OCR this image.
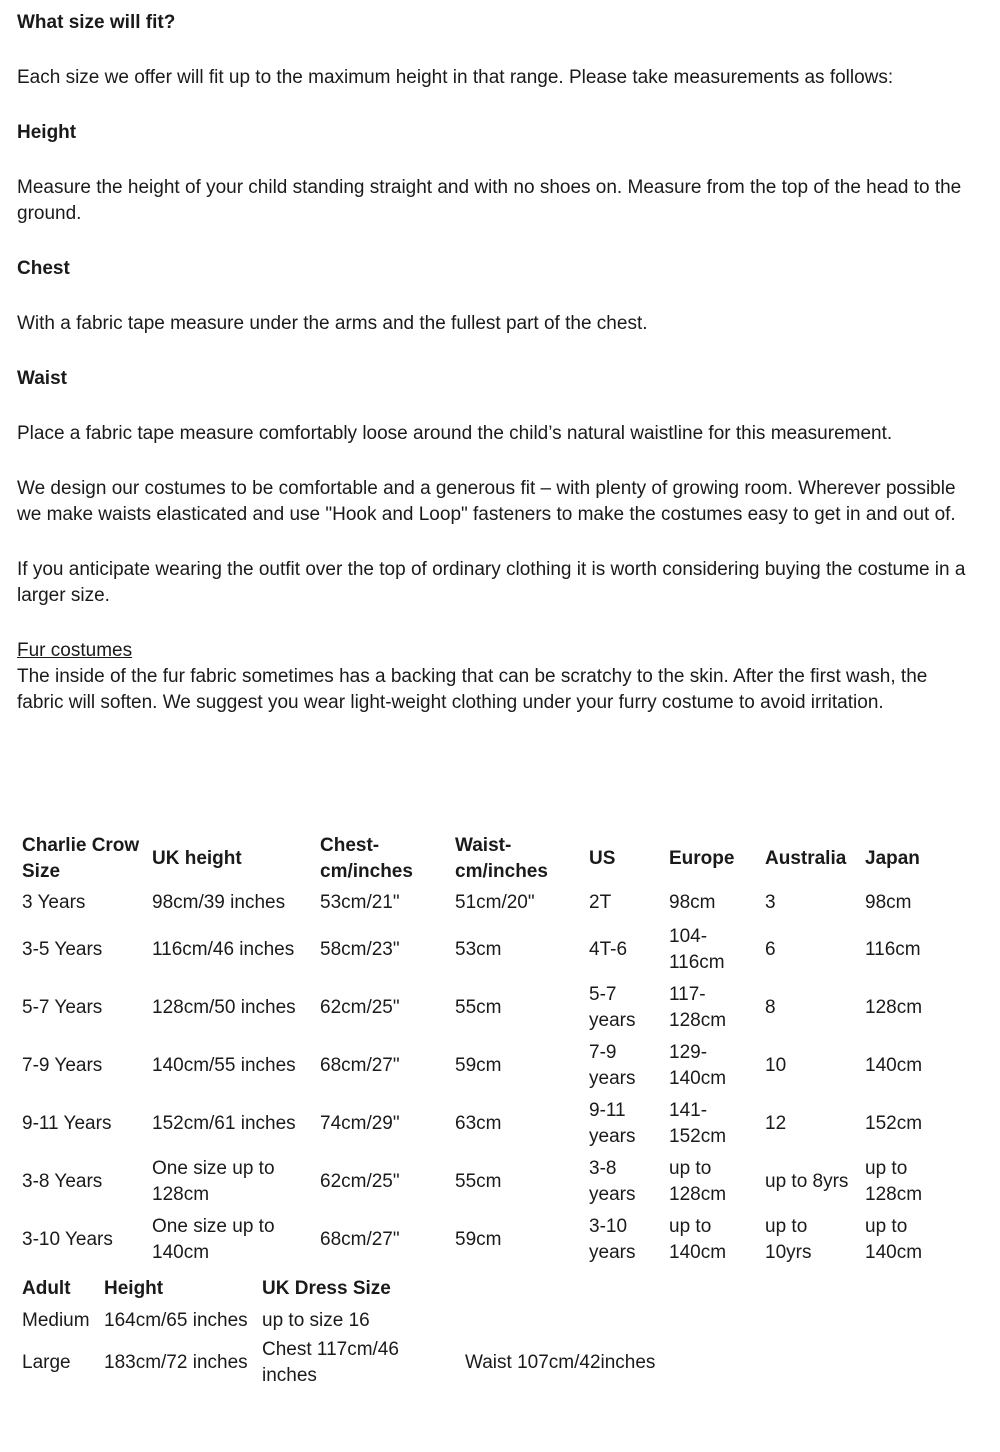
What size will fit?

Each size we offer will fit up to the maximum height in that range. Please take measurements as follows:

Height

Measure the height of your child standing straight and with no shoes on. Measure from the top of the head to the ground.

Chest

With a fabric tape measure under the arms and the fullest part of the chest.

Waist

Place a fabric tape measure comfortably loose around the child’s natural waistline for this measurement.

We design our costumes to be comfortable and a generous fit – with plenty of growing room. Wherever possible we make waists elasticated and use "Hook and Loop" fasteners to make the costumes easy to get in and out of.

If you anticipate wearing the outfit over the top of ordinary clothing it is worth considering buying the costume in a larger size.

Fur costumes

The inside of the fur fabric sometimes has a backing that can be scratchy to the skin. After the first wash, the fabric will soften. We suggest you wear light-weight clothing under your furry costume to avoid irritation.

Charlie Crow Size	UK height	Chest-cm/inches	Waist-cm/inches	US	Europe	Australia	Japan
3 Years	98cm/39 inches	53cm/21"	51cm/20"	2T	98cm	3	98cm
3-5 Years	116cm/46 inches	58cm/23"	53cm	4T-6	104-116cm	6	116cm
5-7 Years	128cm/50 inches	62cm/25"	55cm	5-7 years	117-128cm	8	128cm
7-9 Years	140cm/55 inches	68cm/27"	59cm	7-9 years	129-140cm	10	140cm
9-11 Years	152cm/61 inches	74cm/29"	63cm	9-11 years	141-152cm	12	152cm
3-8 Years	One size up to 128cm	62cm/25"	55cm	3-8 years	up to 128cm	up to 8yrs	up to 128cm
3-10 Years	One size up to 140cm	68cm/27"	59cm	3-10 years	up to 140cm	up to 10yrs	up to 140cm
Adult	Height	UK Dress Size	
Medium	164cm/65 inches	up to size 16	
Large	183cm/72 inches	Chest 117cm/46 inches	Waist 107cm/42inches
